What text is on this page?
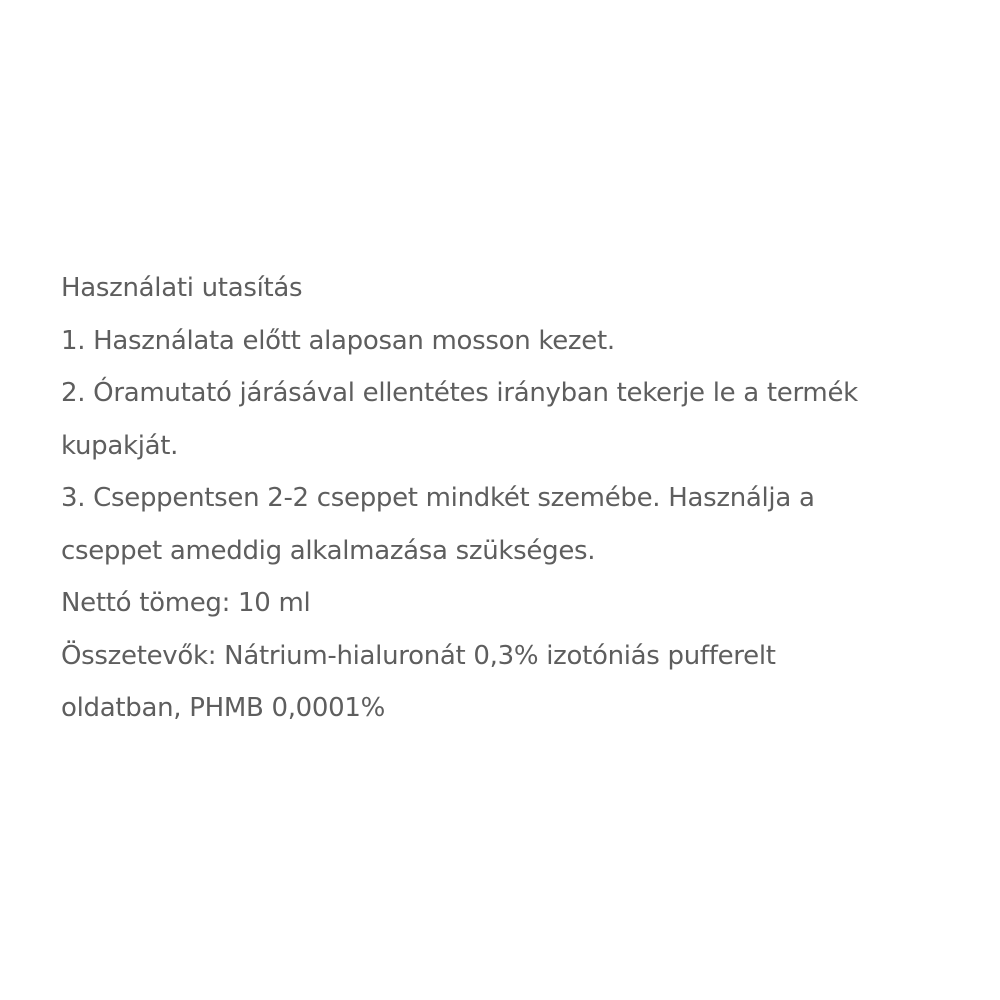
Használati utasítás
1. Használata előtt alaposan mosson kezet.
2. Óramutató járásával ellentétes irányban tekerje le a termék
kupakját.
3. Cseppentsen 2-2 cseppet mindkét szemébe. Használja a
cseppet ameddig alkalmazása szükséges.
Nettó tömeg: 10 ml
Összetevők: Nátrium-hialuronát 0,3% izotóniás pufferelt
oldatban, PHMB 0,0001%
